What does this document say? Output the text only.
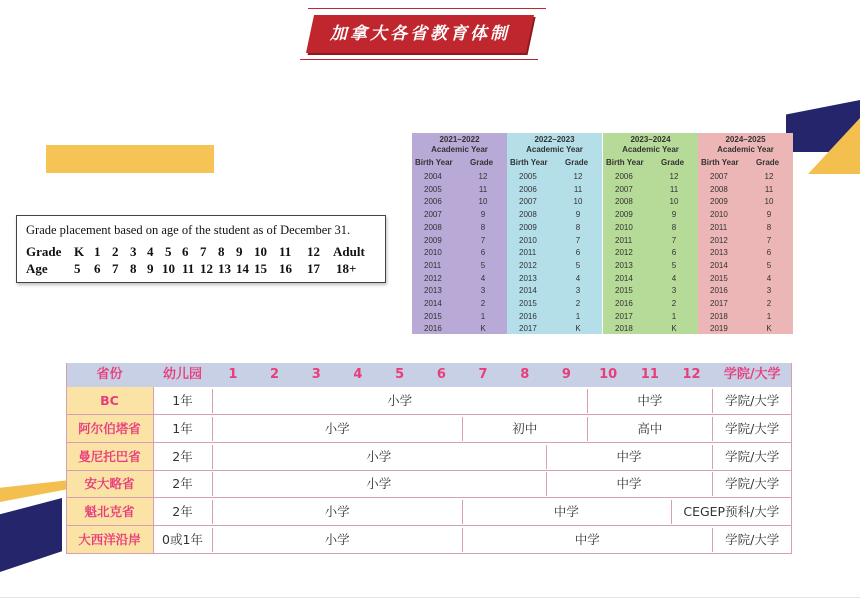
加拿大各省教育体制
Grade placement based on age of the student as of December 31.
Grade K 1 2 3 4 5 6 7 8 9 10 11 12 Adult
Age 5 6 7 8 9 10 11 12 13 14 15 16 17 18+
2021–2022
Academic Year
Birth Year Grade
2004	12
2005	11
2006	10
2007	9
2008	8
2009	7
2010	6
2011	5
2012	4
2013	3
2014	2
2015	1
2016	K
2022–2023
Academic Year
Birth Year Grade
2005	12
2006	11
2007	10
2008	9
2009	8
2010	7
2011	6
2012	5
2013	4
2014	3
2015	2
2016	1
2017	K
2023–2024
Academic Year
Birth Year Grade
2006	12
2007	11
2008	10
2009	9
2010	8
2011	7
2012	6
2013	5
2014	4
2015	3
2016	2
2017	1
2018	K
2024–2025
Academic Year
Birth Year Grade
2007	12
2008	11
2009	10
2010	9
2011	8
2012	7
2013	6
2014	5
2015	4
2016	3
2017	2
2018	1
2019	K
省份	幼儿园	1	2	3	4	5	6	7	8	9	10	11	12	学院/大学
BC	1年	小学	中学	学院/大学
阿尔伯塔省	1年	小学	初中	高中	学院/大学
曼尼托巴省	2年	小学	中学	学院/大学
安大略省	2年	小学	中学	学院/大学
魁北克省	2年	小学	中学	CEGEP预科/大学
大西洋沿岸	0或1年	小学	中学	学院/大学
